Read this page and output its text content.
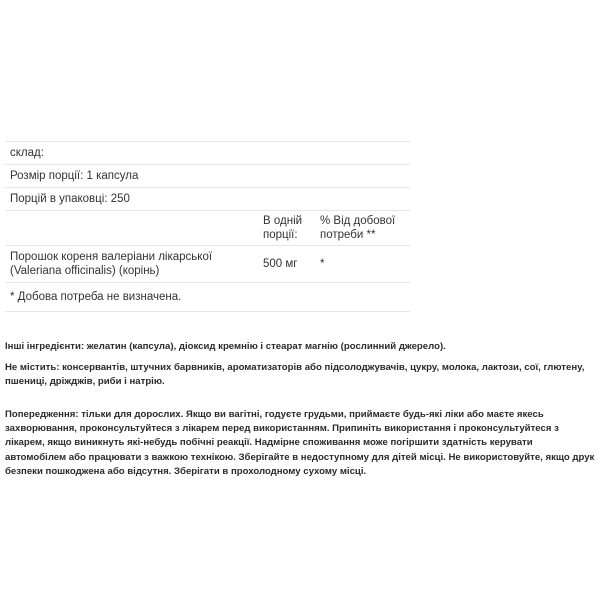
склад:		
Розмір порції: 1 капсула		
Порцій в упаковці: 250		
	В одній порції:	% Від добової потреби **
Порошок кореня валеріани лікарської (Valeriana officinalis) (корінь)	500 мг	*
* Добова потреба не визначена.		
Інші інгредієнти: желатин (капсула), діоксид кремнію і стеарат магнію (рослинний джерело).
Не містить: консервантів, штучних барвників, ароматизаторів або підсолоджувачів, цукру, молока, лактози, сої, глютену, пшениці, дріжджів, риби і натрію.
Попередження: тільки для дорослих. Якщо ви вагітні, годуєте грудьми, приймаєте будь-які ліки або маєте якесь захворювання, проконсультуйтеся з лікарем перед використанням. Припиніть використання і проконсультуйтеся з лікарем, якщо виникнуть які-небудь побічні реакції. Надмірне споживання може погіршити здатність керувати автомобілем або працювати з важкою технікою. Зберігайте в недоступному для дітей місці. Не використовуйте, якщо друк безпеки пошкоджена або відсутня. Зберігати в прохолодному сухому місці.
